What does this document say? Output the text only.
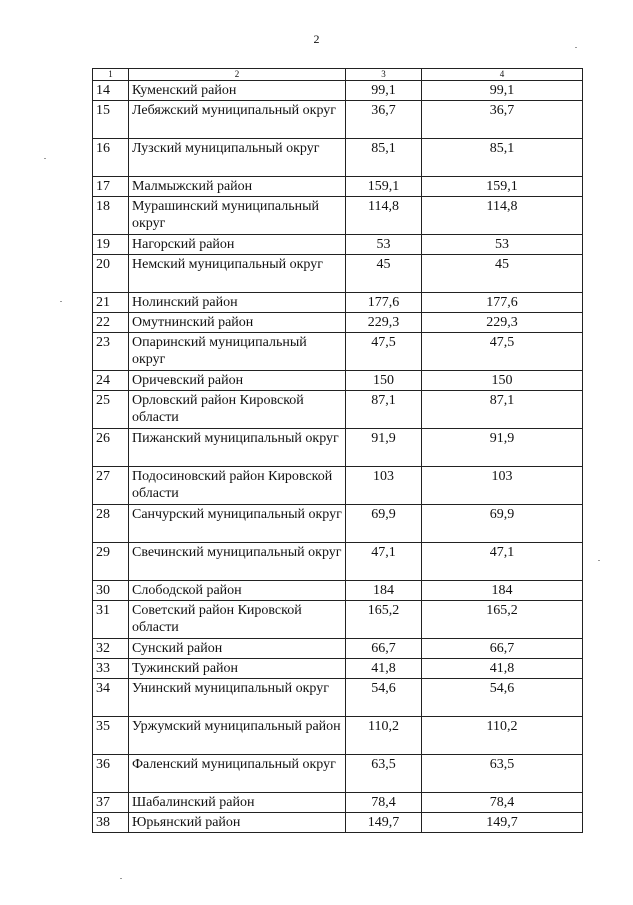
2
1	2	3	4
14	Куменский район	99,1	99,1
15	Лебяжский муниципальный округ	36,7	36,7
16	Лузский муниципальный округ	85,1	85,1
17	Малмыжский район	159,1	159,1
18	Мурашинский муниципальный округ	114,8	114,8
19	Нагорский район	53	53
20	Немский муниципальный округ	45	45
21	Нолинский район	177,6	177,6
22	Омутнинский район	229,3	229,3
23	Опаринский муниципальный округ	47,5	47,5
24	Оричевский район	150	150
25	Орловский район Кировской области	87,1	87,1
26	Пижанский муниципальный округ	91,9	91,9
27	Подосиновский район Кировской области	103	103
28	Санчурский муниципальный округ	69,9	69,9
29	Свечинский муниципальный округ	47,1	47,1
30	Слободской район	184	184
31	Советский район Кировской области	165,2	165,2
32	Сунский район	66,7	66,7
33	Тужинский район	41,8	41,8
34	Унинский муниципальный округ	54,6	54,6
35	Уржумский муниципальный район	110,2	110,2
36	Фаленский муниципальный округ	63,5	63,5
37	Шабалинский район	78,4	78,4
38	Юрьянский район	149,7	149,7
